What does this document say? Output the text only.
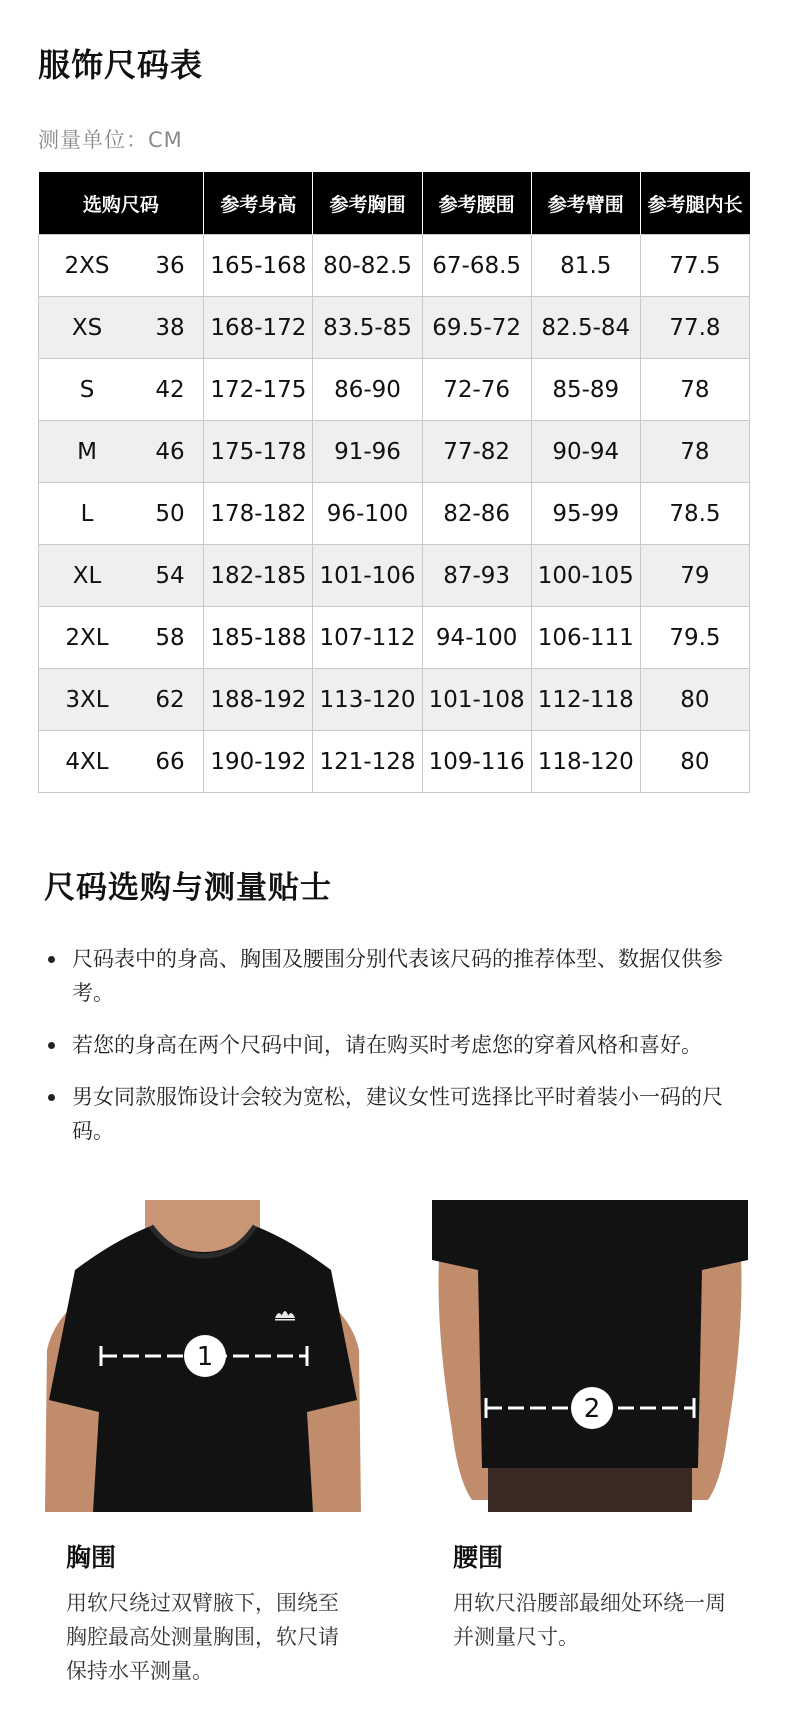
服饰尺码表
测量单位：CM
选购尺码	参考身高	参考胸围	参考腰围	参考臂围	参考腿内长

2XS 36	165-168	80-82.5	67-68.5	81.5	77.5

XS 38	168-172	83.5-85	69.5-72	82.5-84	77.8

S 42	172-175	86-90	72-76	85-89	78

M 46	175-178	91-96	77-82	90-94	78

L 50	178-182	96-100	82-86	95-99	78.5

XL 54	182-185	101-106	87-93	100-105	79

2XL 58	185-188	107-112	94-100	106-111	79.5

3XL 62	188-192	113-120	101-108	112-118	80

4XL 66	190-192	121-128	109-116	118-120	80
尺码选购与测量贴士
尺码表中的身高、胸围及腰围分别代表该尺码的推荐体型、数据仅供参考。
若您的身高在两个尺码中间，请在购买时考虑您的穿着风格和喜好。
男女同款服饰设计会较为宽松，建议女性可选择比平时着装小一码的尺码。
1
2
胸围
用软尺绕过双臂腋下，围绕至胸腔最高处测量胸围，软尺请保持水平测量。
腰围
用软尺沿腰部最细处环绕一周并测量尺寸。
